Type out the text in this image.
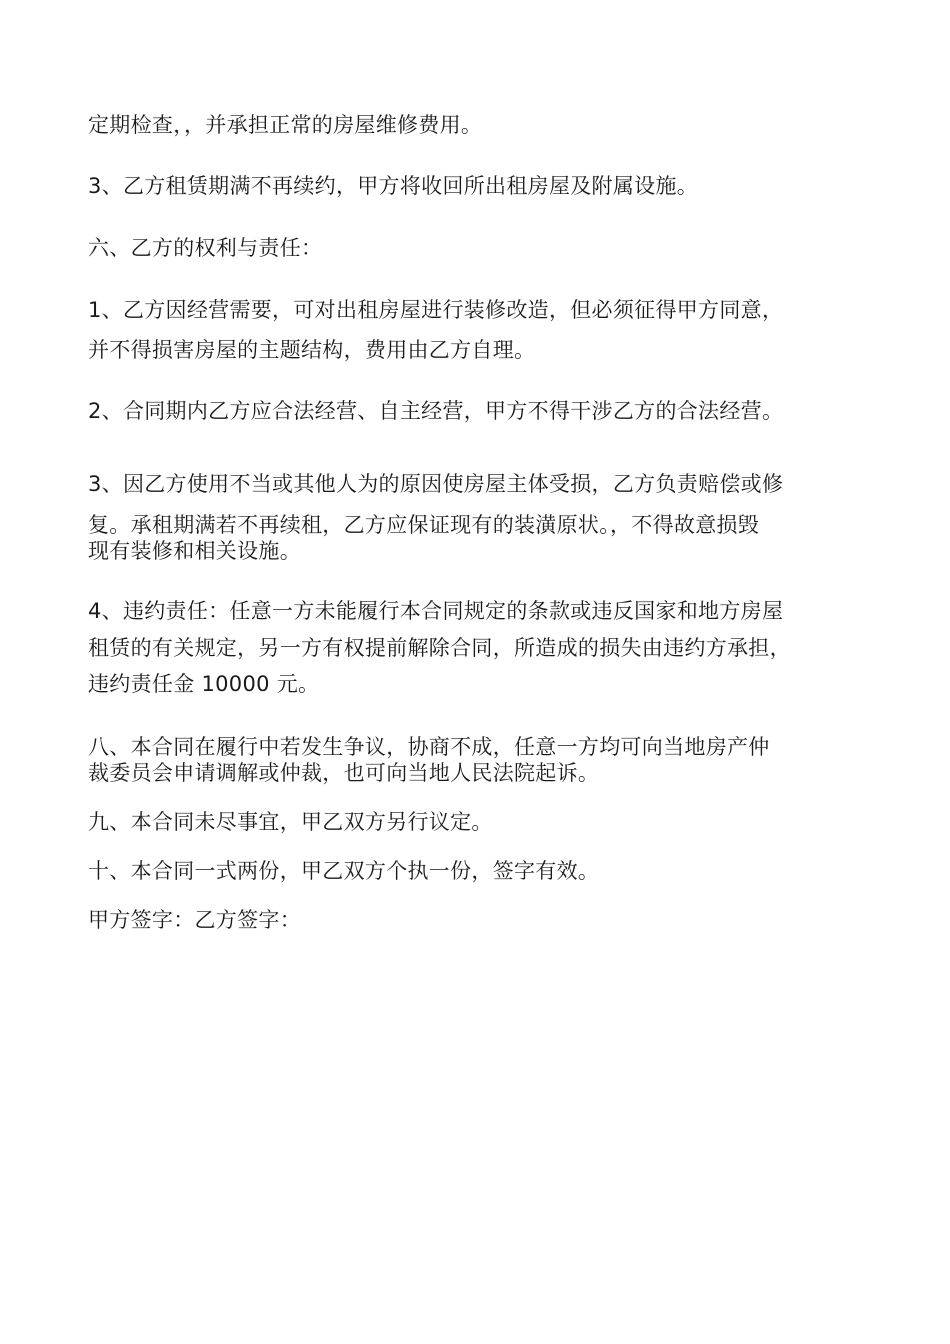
定期检查，，并承担正常的房屋维修费用。
3、乙方租赁期满不再续约，甲方将收回所出租房屋及附属设施。
六、乙方的权利与责任：
1、乙方因经营需要，可对出租房屋进行装修改造，但必须征得甲方同意，
并不得损害房屋的主题结构，费用由乙方自理。
2、合同期内乙方应合法经营、自主经营，甲方不得干涉乙方的合法经营。
3、因乙方使用不当或其他人为的原因使房屋主体受损，乙方负责赔偿或修
复。承租期满若不再续租，乙方应保证现有的装潢原状。，不得故意损毁
现有装修和相关设施。
4、违约责任：任意一方未能履行本合同规定的条款或违反国家和地方房屋
租赁的有关规定，另一方有权提前解除合同，所造成的损失由违约方承担，
违约责任金 10000 元。
八、本合同在履行中若发生争议，协商不成，任意一方均可向当地房产仲
裁委员会申请调解或仲裁，也可向当地人民法院起诉。
九、本合同未尽事宜，甲乙双方另行议定。
十、本合同一式两份，甲乙双方个执一份，签字有效。
甲方签字：乙方签字：
